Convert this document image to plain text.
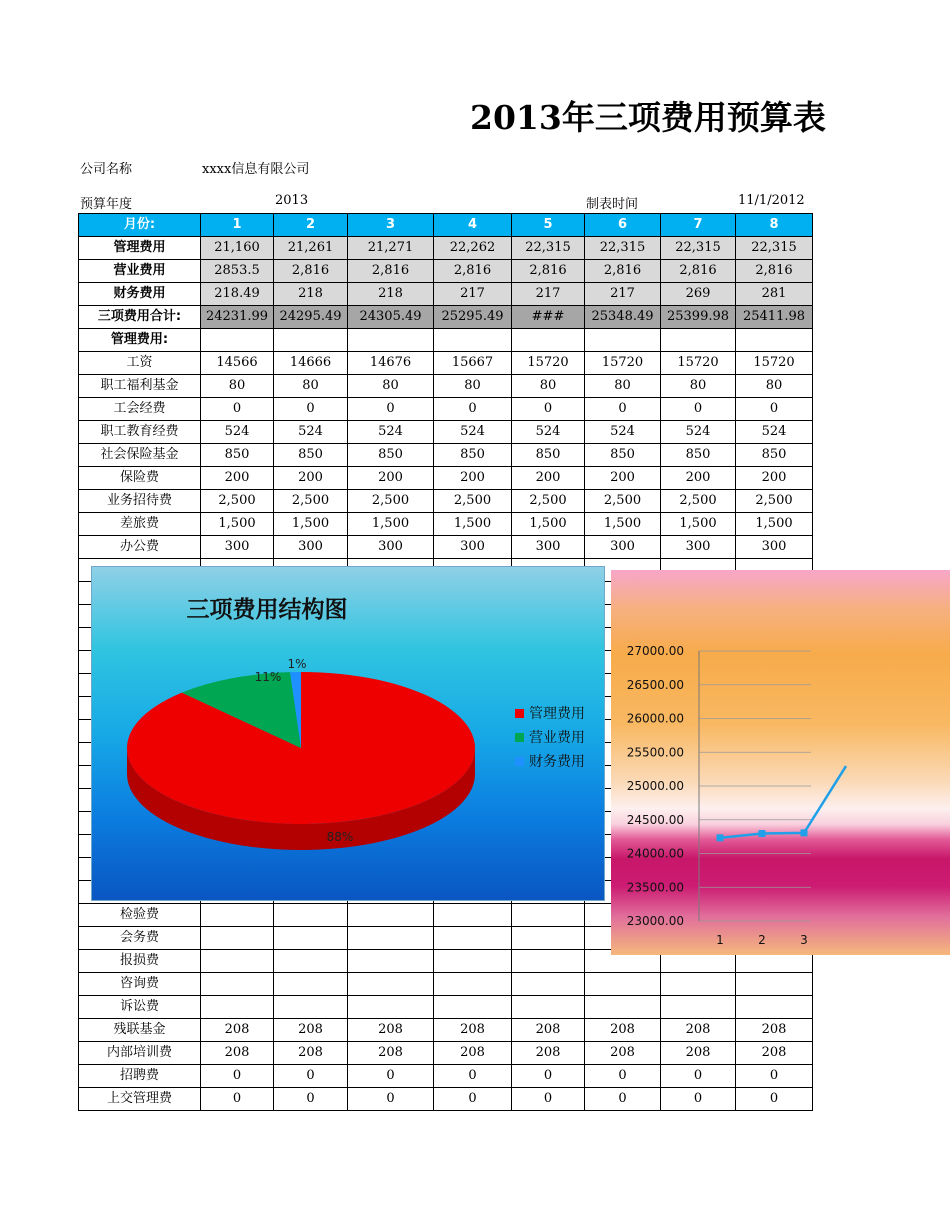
2013年三项费用预算表
公司名称	xxxx信息有限公司
预算年度	2013	制表时间	11/1/2012
月份:	1	2	3	4	5	6	7	8
管理费用	21,160	21,261	21,271	22,262	22,315	22,315	22,315	22,315
营业费用	2853.5	2,816	2,816	2,816	2,816	2,816	2,816	2,816
财务费用	218.49	218	218	217	217	217	269	281
三项费用合计:	24231.99	24295.49	24305.49	25295.49	###	25348.49	25399.98	25411.98
管理费用:								
工资	14566	14666	14676	15667	15720	15720	15720	15720
职工福利基金	80	80	80	80	80	80	80	80
工会经费	0	0	0	0	0	0	0	0
职工教育经费	524	524	524	524	524	524	524	524
社会保险基金	850	850	850	850	850	850	850	850
保险费	200	200	200	200	200	200	200	200
业务招待费	2,500	2,500	2,500	2,500	2,500	2,500	2,500	2,500
差旅费	1,500	1,500	1,500	1,500	1,500	1,500	1,500	1,500
办公费	300	300	300	300	300	300	300	300

检验费								
会务费								
报损费								
咨询费								
诉讼费								
残联基金	208	208	208	208	208	208	208	208
内部培训费	208	208	208	208	208	208	208	208
招聘费	0	0	0	0	0	0	0	0
上交管理费	0	0	0	0	0	0	0	0
三项费用结构图
88%
11%
1%
管理费用
营业费用
财务费用
23000.00
23500.00
24000.00
24500.00
25000.00
25500.00
26000.00
26500.00
27000.00
1	2	3
